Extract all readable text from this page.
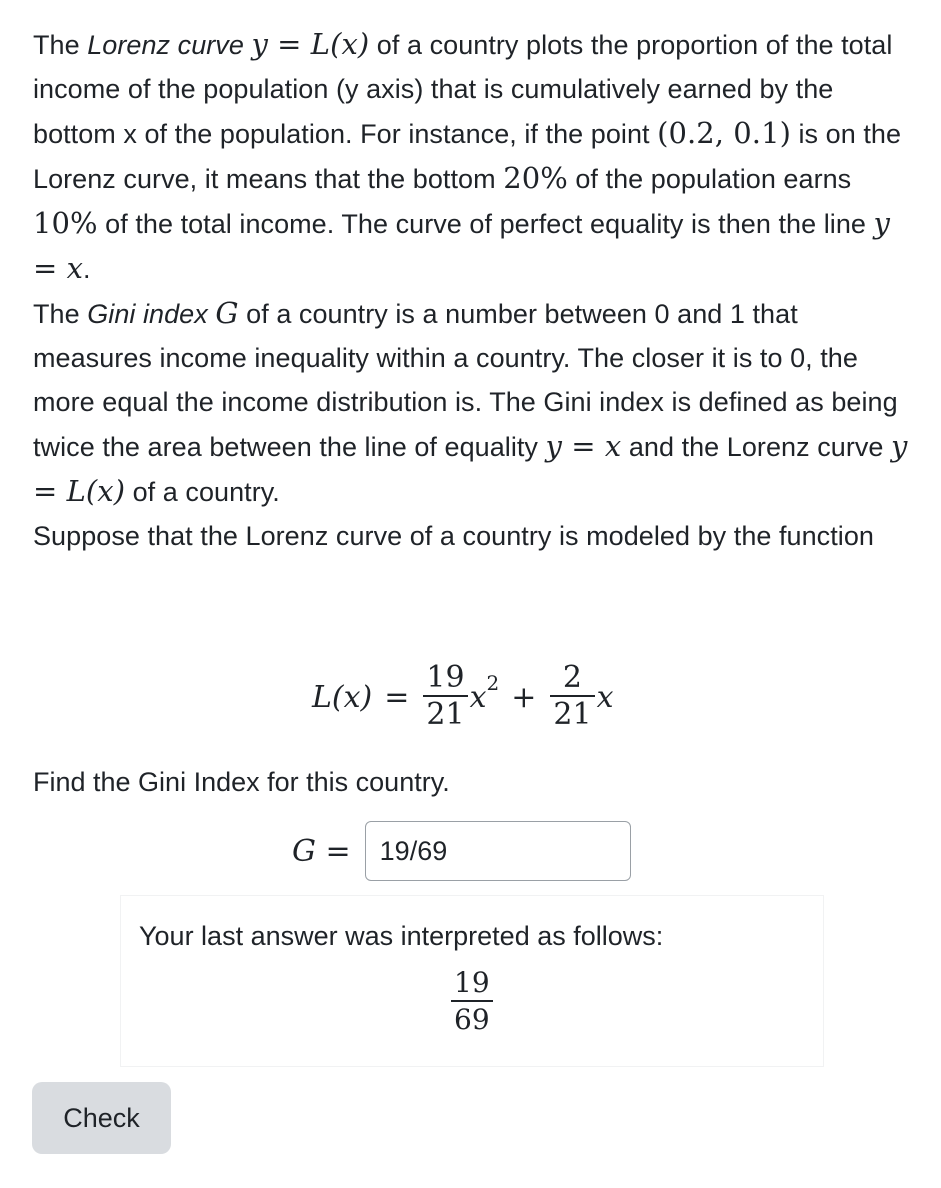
The Lorenz curve y = L(x) of a country plots the proportion of the total income of the population (y axis) that is cumulatively earned by the bottom x of the population. For instance, if the point (0.2, 0.1) is on the Lorenz curve, it means that the bottom 20% of the population earns 10% of the total income. The curve of perfect equality is then the line y = x.

The Gini index G of a country is a number between 0 and 1 that measures income inequality within a country. The closer it is to 0, the more equal the income distribution is. The Gini index is defined as being twice the area between the line of equality y = x and the Lorenz curve y = L(x) of a country.

Suppose that the Lorenz curve of a country is modeled by the function

$L(x) = \frac{19}{21} x^2 + \frac{2}{21}$ x
Find the Gini Index for this country.
G =
19/69
Your last answer was interpreted as follows:
$\frac{19}{69}$
Check
